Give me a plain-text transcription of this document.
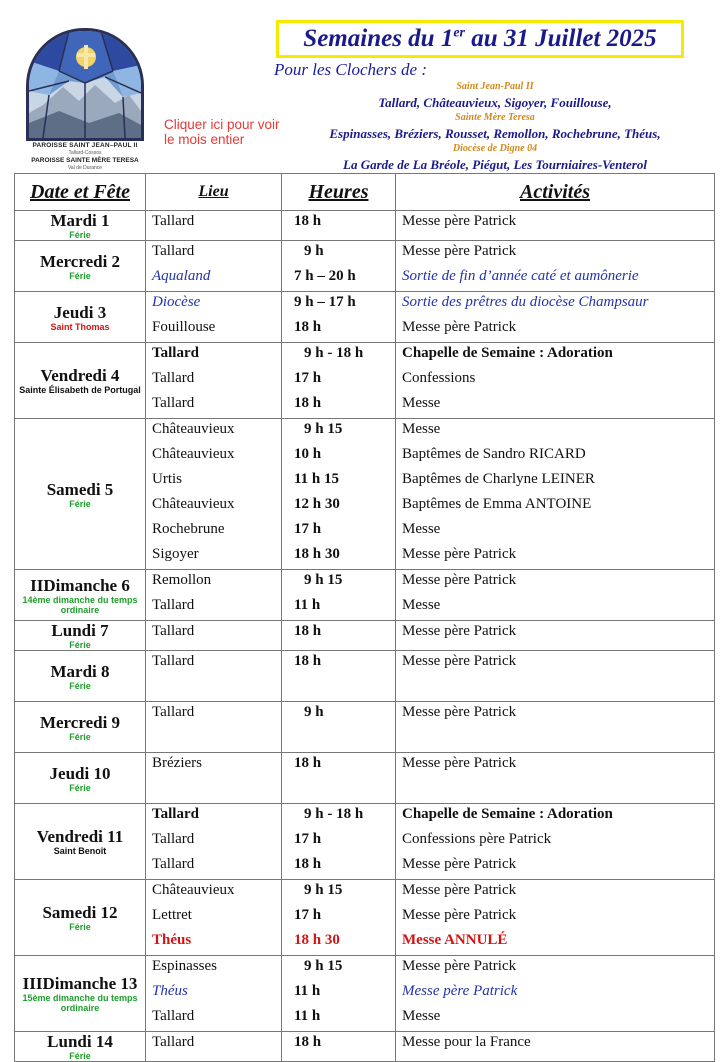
PAROISSE SAINT JEAN–PAUL II
Tallard-Cossos
PAROISSE SAINTE MÈRE TERESA
Val de Durance
Cliquer ici pour voir le mois entier
Semaines du 1er au 31 Juillet 2025
Pour les Clochers de :
Saint Jean-Paul II
Tallard, Châteauvieux, Sigoyer, Fouillouse,
Sainte Mère Teresa
Espinasses, Bréziers, Rousset, Remollon, Rochebrune, Théus,
Diocèse de Digne 04
La Garde de La Bréole, Piégut, Les Tourniaires-Venterol
Date et Fête	Lieu	Heures	Activités

Mardi 1
Férie	Tallard	18 h	Messe père Patrick

Mercredi 2
Férie	Tallard	9 h	Messe père Patrick
	Aqualand	7 h – 20 h	Sortie de fin d’année caté et aumônerie

Jeudi 3
Saint Thomas	Diocèse	9 h – 17 h	Sortie des prêtres du diocèse Champsaur
	Fouillouse	18 h	Messe père Patrick

Vendredi 4
Sainte Élisabeth de Portugal	Tallard	9 h - 18 h	Chapelle de Semaine : Adoration
	Tallard	17 h	Confessions
	Tallard	18 h	Messe

Samedi 5
Férie	Châteauvieux	9 h 15	Messe
	Châteauvieux	10 h	Baptêmes de Sandro RICARD
	Urtis	11 h 15	Baptêmes de Charlyne LEINER
	Châteauvieux	12 h 30	Baptêmes de Emma ANTOINE
	Rochebrune	17 h	Messe
	Sigoyer	18 h 30	Messe père Patrick

IIDimanche 6
14ème dimanche du temps ordinaire	Remollon	9 h 15	Messe père Patrick
	Tallard	11 h	Messe

Lundi 7
Férie	Tallard	18 h	Messe père Patrick

Mardi 8
Férie	Tallard	18 h	Messe père Patrick

Mercredi 9
Férie	Tallard	9 h	Messe père Patrick

Jeudi 10
Férie	Bréziers	18 h	Messe père Patrick

Vendredi 11
Saint Benoît	Tallard	9 h - 18 h	Chapelle de Semaine : Adoration
	Tallard	17 h	Confessions père Patrick
	Tallard	18 h	Messe père Patrick

Samedi 12
Férie	Châteauvieux	9 h 15	Messe père Patrick
	Lettret	17 h	Messe père Patrick
	Théus	18 h 30	Messe ANNULÉ

IIIDimanche 13
15ème dimanche du temps ordinaire	Espinasses	9 h 15	Messe père Patrick
	Théus	11 h	Messe père Patrick
	Tallard	11 h	Messe

Lundi 14
Férie	Tallard	18 h	Messe pour la France
